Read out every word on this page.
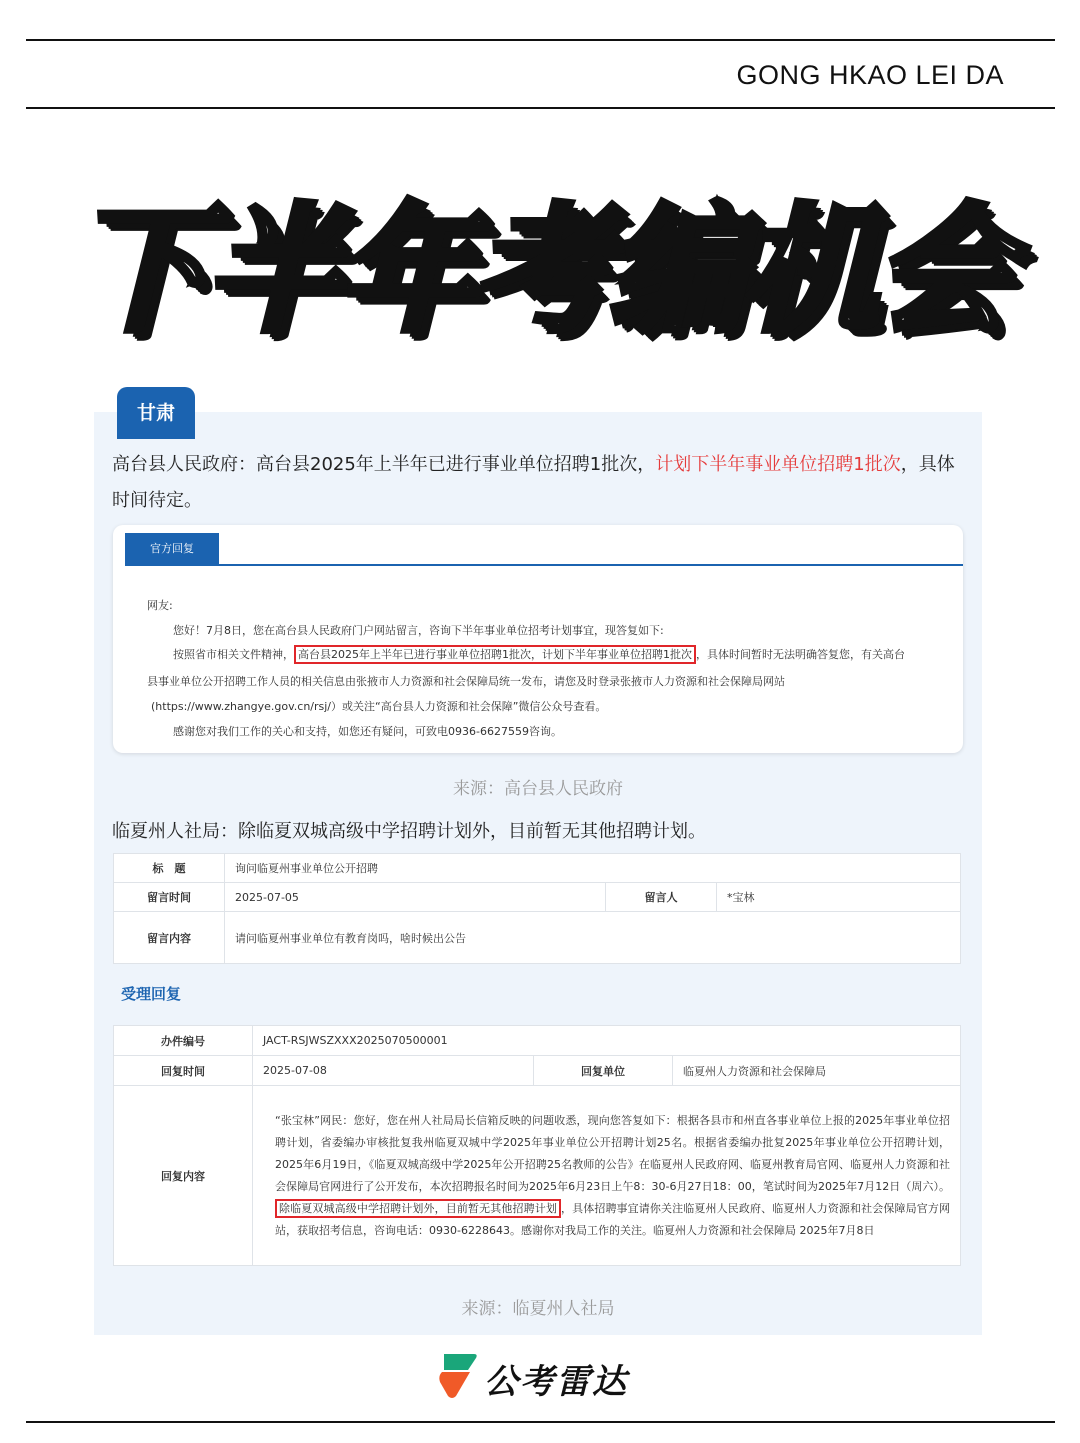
GONG HKAO LEI DA
下半年考编机会
甘肃
高台县人民政府：高台县2025年上半年已进行事业单位招聘1批次，计划下半年事业单位招聘1批次，具体时间待定。
官方回复
网友:
您好！7月8日，您在高台县人民政府门户网站留言，咨询下半年事业单位招考计划事宜，现答复如下:
按照省市相关文件精神， 高台县2025年上半年已进行事业单位招聘1批次，计划下半年事业单位招聘1批次 ，具体时间暂时无法明确答复您，有关高台
县事业单位公开招聘工作人员的相关信息由张掖市人力资源和社会保障局统一发布，请您及时登录张掖市人力资源和社会保障局网站
(https://www.zhangye.gov.cn/rsj/）或关注“高台县人力资源和社会保障”微信公众号查看。
感谢您对我们工作的关心和支持，如您还有疑问，可致电0936-6627559咨询。
来源：高台县人民政府
临夏州人社局：除临夏双城高级中学招聘计划外，目前暂无其他招聘计划。
标　题	询问临夏州事业单位公开招聘		
留言时间	2025-07-05	留言人	*宝林
留言内容	请问临夏州事业单位有教育岗吗，啥时候出公告		
受理回复
办件编号	JACT-RSJWSZXXX2025070500001		
回复时间	2025-07-08	回复单位	临夏州人力资源和社会保障局
回复内容	“张宝林”网民：您好，您在州人社局局长信箱反映的问题收悉，现向您答复如下：根据各县市和州直各事业单位上报的2025年事业单位招聘计划，省委编办审核批复我州临夏双城中学2025年事业单位公开招聘计划25名。根据省委编办批复2025年事业单位公开招聘计划，2025年6月19日，《临夏双城高级中学2025年公开招聘25名教师的公告》在临夏州人民政府网、临夏州教育局官网、临夏州人力资源和社会保障局官网进行了公开发布，本次招聘报名时间为2025年6月23日上午8：30-6月27日18：00，笔试时间为2025年7月12日（周六）。除临夏双城高级中学招聘计划外，目前暂无其他招聘计划 ，具体招聘事宜请你关注临夏州人民政府、临夏州人力资源和社会保障局官方网站，获取招考信息，咨询电话：0930-6228643。感谢你对我局工作的关注。临夏州人力资源和社会保障局 2025年7月8日		
来源：临夏州人社局
公考雷达
